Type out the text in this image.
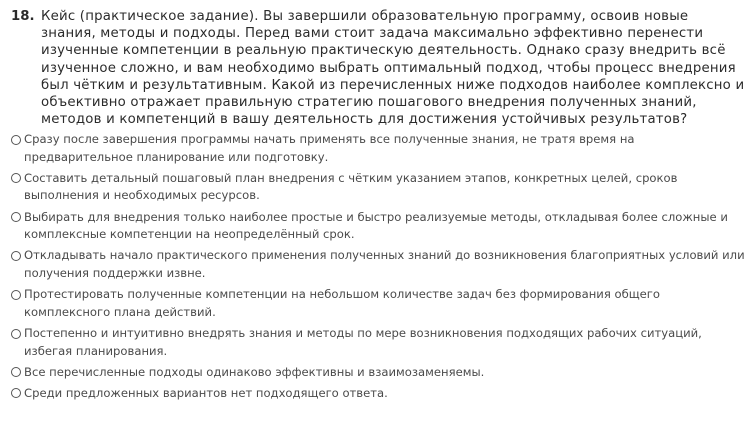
18. Кейс (практическое задание). Вы завершили образовательную программу, освоив новые знания, методы и подходы. Перед вами стоит задача максимально эффективно перенести изученные компетенции в реальную практическую деятельность. Однако сразу внедрить всё изученное сложно, и вам необходимо выбрать оптимальный подход, чтобы процесс внедрения был чётким и результативным. Какой из перечисленных ниже подходов наиболее комплексно и объективно отражает правильную стратегию пошагового внедрения полученных знаний, методов и компетенций в вашу деятельность для достижения устойчивых результатов?

Сразу после завершения программы начать применять все полученные знания, не тратя время на предварительное планирование или подготовку.
Составить детальный пошаговый план внедрения с чётким указанием этапов, конкретных целей, сроков выполнения и необходимых ресурсов.
Выбирать для внедрения только наиболее простые и быстро реализуемые методы, откладывая более сложные и комплексные компетенции на неопределённый срок.
Откладывать начало практического применения полученных знаний до возникновения благоприятных условий или получения поддержки извне.
Протестировать полученные компетенции на небольшом количестве задач без формирования общего комплексного плана действий.
Постепенно и интуитивно внедрять знания и методы по мере возникновения подходящих рабочих ситуаций, избегая планирования.
Все перечисленные подходы одинаково эффективны и взаимозаменяемы.
Среди предложенных вариантов нет подходящего ответа.
